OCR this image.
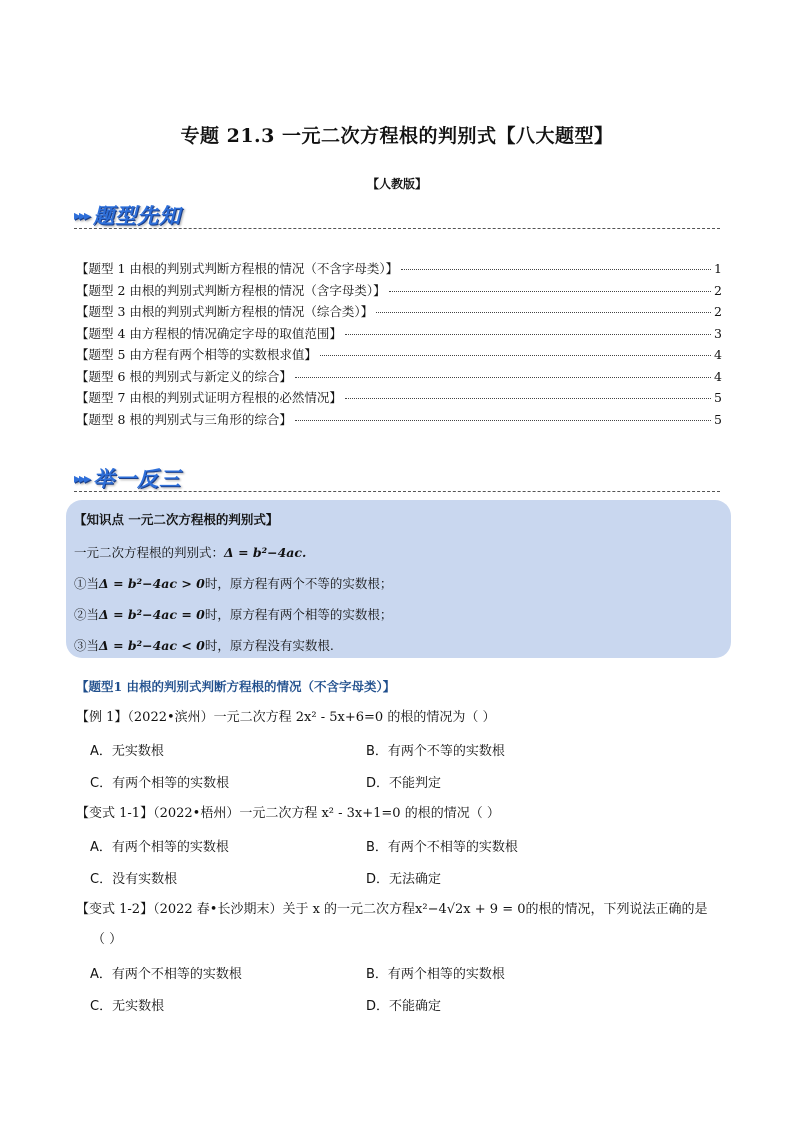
专题 21.3 一元二次方程根的判别式【八大题型】
【人教版】
▸▸▸ 题型先知
【题型 1 由根的判别式判断方程根的情况（不含字母类）】	1
【题型 2 由根的判别式判断方程根的情况（含字母类）】	2
【题型 3 由根的判别式判断方程根的情况（综合类）】	2
【题型 4 由方程根的情况确定字母的取值范围】	3
【题型 5 由方程有两个相等的实数根求值】	4
【题型 6 根的判别式与新定义的综合】	4
【题型 7 由根的判别式证明方程根的必然情况】	5
【题型 8 根的判别式与三角形的综合】	5
▸▸▸ 举一反三
【知识点 一元二次方程根的判别式】
一元二次方程根的判别式：Δ = b²−4ac.
①当Δ = b²−4ac > 0时，原方程有两个不等的实数根；
②当Δ = b²−4ac = 0时，原方程有两个相等的实数根；
③当Δ = b²−4ac < 0时，原方程没有实数根.
【题型1 由根的判别式判断方程根的情况（不含字母类）】
【例 1】（2022•滨州）一元二次方程 2x² - 5x+6=0 的根的情况为（ ）
A．无实数根	B．有两个不等的实数根
C．有两个相等的实数根	D．不能判定
【变式 1-1】（2022•梧州）一元二次方程 x² - 3x+1=0 的根的情况（ ）
A．有两个相等的实数根	B．有两个不相等的实数根
C．没有实数根	D．无法确定
【变式 1-2】（2022 春•长沙期末）关于 x 的一元二次方程x²−4√2x + 9 = 0的根的情况，下列说法正确的是
（ ）
A．有两个不相等的实数根	B．有两个相等的实数根
C．无实数根	D．不能确定
